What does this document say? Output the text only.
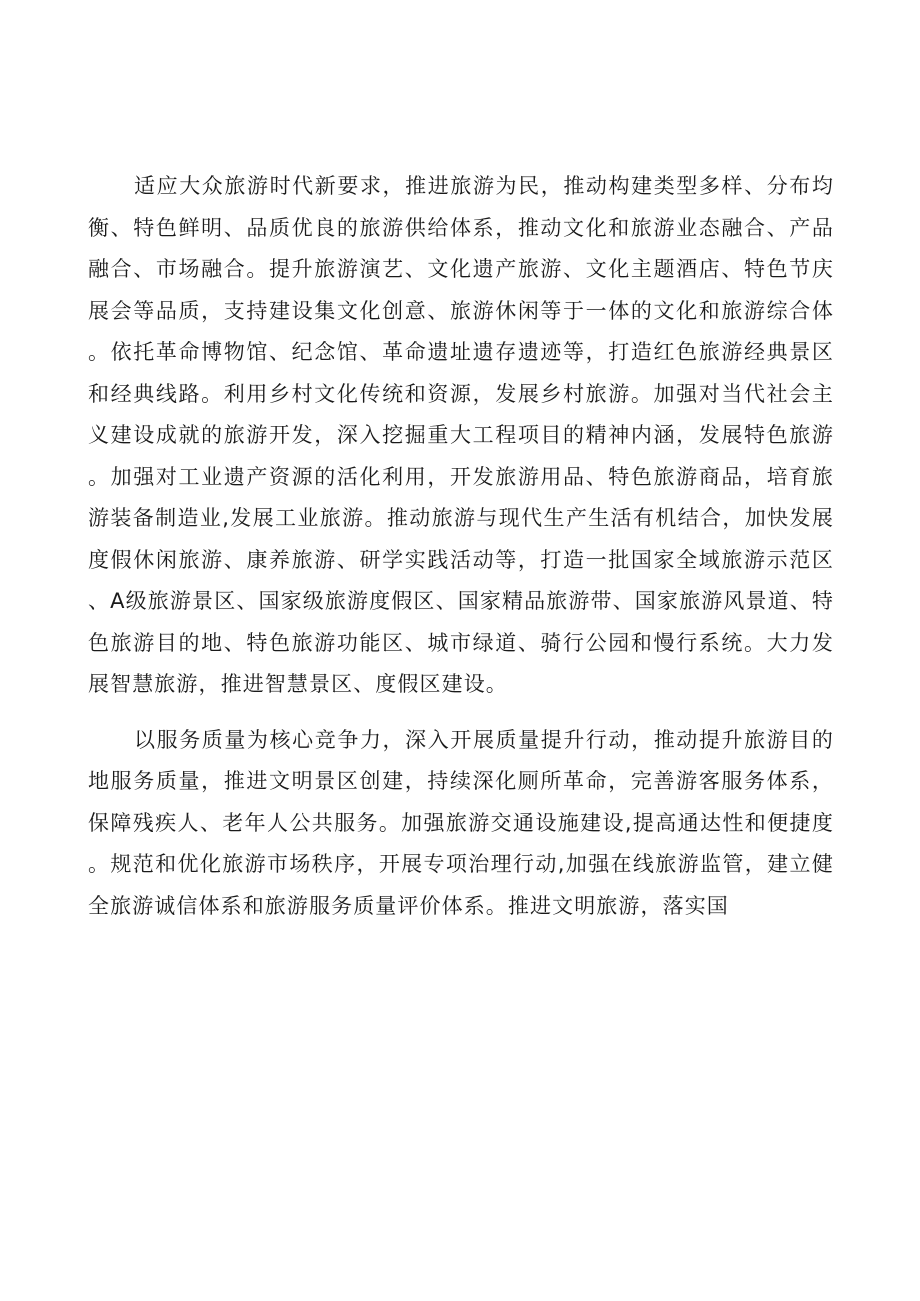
适应大众旅游时代新要求，推进旅游为民，推动构建类型多样、分布均衡、特色鲜明、品质优良的旅游供给体系，推动文化和旅游业态融合、产品融合、市场融合。提升旅游演艺、文化遗产旅游、文化主题酒店、特色节庆展会等品质，支持建设集文化创意、旅游休闲等于一体的文化和旅游综合体。依托革命博物馆、纪念馆、革命遗址遗存遗迹等，打造红色旅游经典景区和经典线路。利用乡村文化传统和资源，发展乡村旅游。加强对当代社会主义建设成就的旅游开发，深入挖掘重大工程项目的精神内涵，发展特色旅游。加强对工业遗产资源的活化利用，开发旅游用品、特色旅游商品，培育旅游装备制造业,发展工业旅游。推动旅游与现代生产生活有机结合，加快发展度假休闲旅游、康养旅游、研学实践活动等，打造一批国家全域旅游示范区、A级旅游景区、国家级旅游度假区、国家精品旅游带、国家旅游风景道、特色旅游目的地、特色旅游功能区、城市绿道、骑行公园和慢行系统。大力发展智慧旅游，推进智慧景区、度假区建设。

以服务质量为核心竞争力，深入开展质量提升行动，推动提升旅游目的地服务质量，推进文明景区创建，持续深化厕所革命，完善游客服务体系，保障残疾人、老年人公共服务。加强旅游交通设施建设,提高通达性和便捷度。规范和优化旅游市场秩序，开展专项治理行动,加强在线旅游监管，建立健全旅游诚信体系和旅游服务质量评价体系。推进文明旅游，落实国
